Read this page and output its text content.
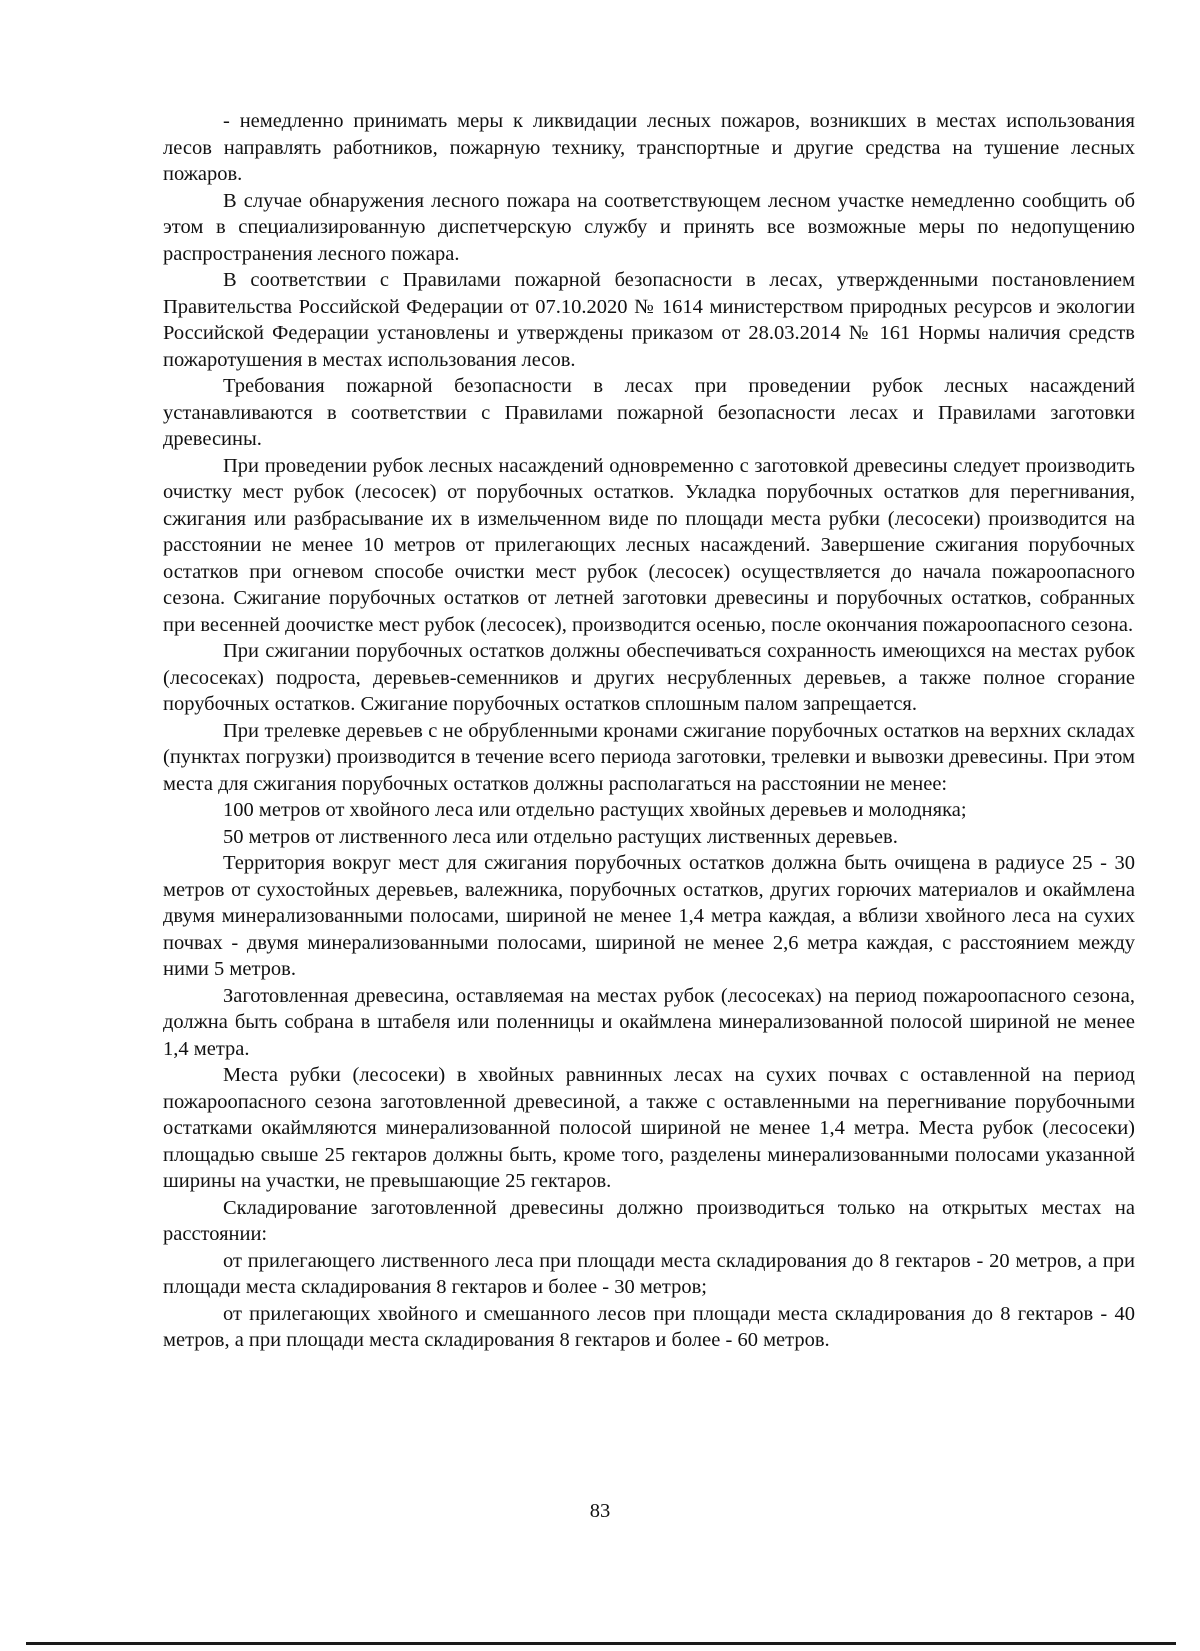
- немедленно принимать меры к ликвидации лесных пожаров, возникших в местах использования лесов направлять работников, пожарную технику, транспортные и другие средства на тушение лесных пожаров.

В случае обнаружения лесного пожара на соответствующем лесном участке немедленно сообщить об этом в специализированную диспетчерскую службу и принять все возможные меры по недопущению распространения лесного пожара.

В соответствии с Правилами пожарной безопасности в лесах, утвержденными постановлением Правительства Российской Федерации от 07.10.2020 № 1614 министерством природных ресурсов и экологии Российской Федерации установлены и утверждены приказом от 28.03.2014 № 161 Нормы наличия средств пожаротушения в местах использования лесов.

Требования пожарной безопасности в лесах при проведении рубок лесных насаждений устанавливаются в соответствии с Правилами пожарной безопасности лесах и Правилами заготовки древесины.

При проведении рубок лесных насаждений одновременно с заготовкой древесины следует производить очистку мест рубок (лесосек) от порубочных остатков. Укладка порубочных остатков для перегнивания, сжигания или разбрасывание их в измельченном виде по площади места рубки (лесосеки) производится на расстоянии не менее 10 метров от прилегающих лесных насаждений. Завершение сжигания порубочных остатков при огневом способе очистки мест рубок (лесосек) осуществляется до начала пожароопасного сезона. Сжигание порубочных остатков от летней заготовки древесины и порубочных остатков, собранных при весенней доочистке мест рубок (лесосек), производится осенью, после окончания пожароопасного сезона.

При сжигании порубочных остатков должны обеспечиваться сохранность имеющихся на местах рубок (лесосеках) подроста, деревьев-семенников и других несрубленных деревьев, а также полное сгорание порубочных остатков. Сжигание порубочных остатков сплошным палом запрещается.

При трелевке деревьев с не обрубленными кронами сжигание порубочных остатков на верхних складах (пунктах погрузки) производится в течение всего периода заготовки, трелевки и вывозки древесины. При этом места для сжигания порубочных остатков должны располагаться на расстоянии не менее:

100 метров от хвойного леса или отдельно растущих хвойных деревьев и молодняка;

50 метров от лиственного леса или отдельно растущих лиственных деревьев.

Территория вокруг мест для сжигания порубочных остатков должна быть очищена в радиусе 25 - 30 метров от сухостойных деревьев, валежника, порубочных остатков, других горючих материалов и окаймлена двумя минерализованными полосами, шириной не менее 1,4 метра каждая, а вблизи хвойного леса на сухих почвах - двумя минерализованными полосами, шириной не менее 2,6 метра каждая, с расстоянием между ними 5 метров.

Заготовленная древесина, оставляемая на местах рубок (лесосеках) на период пожароопасного сезона, должна быть собрана в штабеля или поленницы и окаймлена минерализованной полосой шириной не менее 1,4 метра.

Места рубки (лесосеки) в хвойных равнинных лесах на сухих почвах с оставленной на период пожароопасного сезона заготовленной древесиной, а также с оставленными на перегнивание порубочными остатками окаймляются минерализованной полосой шириной не менее 1,4 метра. Места рубок (лесосеки) площадью свыше 25 гектаров должны быть, кроме того, разделены минерализованными полосами указанной ширины на участки, не превышающие 25 гектаров.

Складирование заготовленной древесины должно производиться только на открытых местах на расстоянии:

от прилегающего лиственного леса при площади места складирования до 8 гектаров - 20 метров, а при площади места складирования 8 гектаров и более - 30 метров;

от прилегающих хвойного и смешанного лесов при площади места складирования до 8 гектаров - 40 метров, а при площади места складирования 8 гектаров и более - 60 метров.

83
